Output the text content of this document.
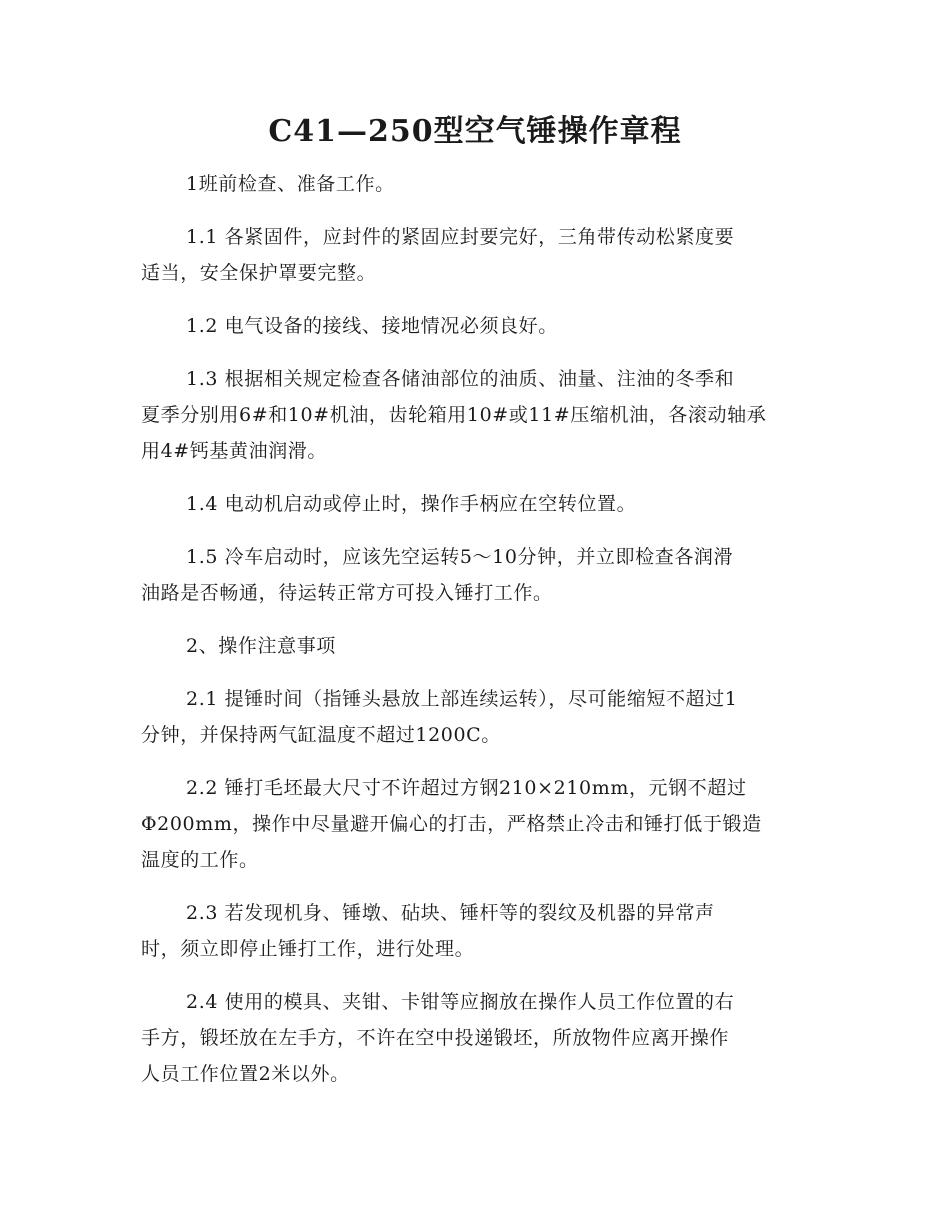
C41—250型空气锤操作章程

1班前检查、准备工作。

1.1 各紧固件，应封件的紧固应封要完好，三角带传动松紧度要
适当，安全保护罩要完整。

1.2 电气设备的接线、接地情况必须良好。

1.3 根据相关规定检查各储油部位的油质、油量、注油的冬季和
夏季分别用6#和10#机油，齿轮箱用10#或11#压缩机油，各滚动轴承
用4#钙基黄油润滑。

1.4 电动机启动或停止时，操作手柄应在空转位置。

1.5 冷车启动时，应该先空运转5～10分钟，并立即检查各润滑
油路是否畅通，待运转正常方可投入锤打工作。

2、操作注意事项

2.1 提锤时间（指锤头悬放上部连续运转），尽可能缩短不超过1
分钟，并保持两气缸温度不超过1200C。

2.2 锤打毛坯最大尺寸不许超过方钢210×210mm，元钢不超过
Φ200mm，操作中尽量避开偏心的打击，严格禁止冷击和锤打低于锻造
温度的工作。

2.3 若发现机身、锤墩、砧块、锤杆等的裂纹及机器的异常声
时，须立即停止锤打工作，进行处理。

2.4 使用的模具、夹钳、卡钳等应搁放在操作人员工作位置的右
手方，锻坯放在左手方，不许在空中投递锻坯，所放物件应离开操作
人员工作位置2米以外。
